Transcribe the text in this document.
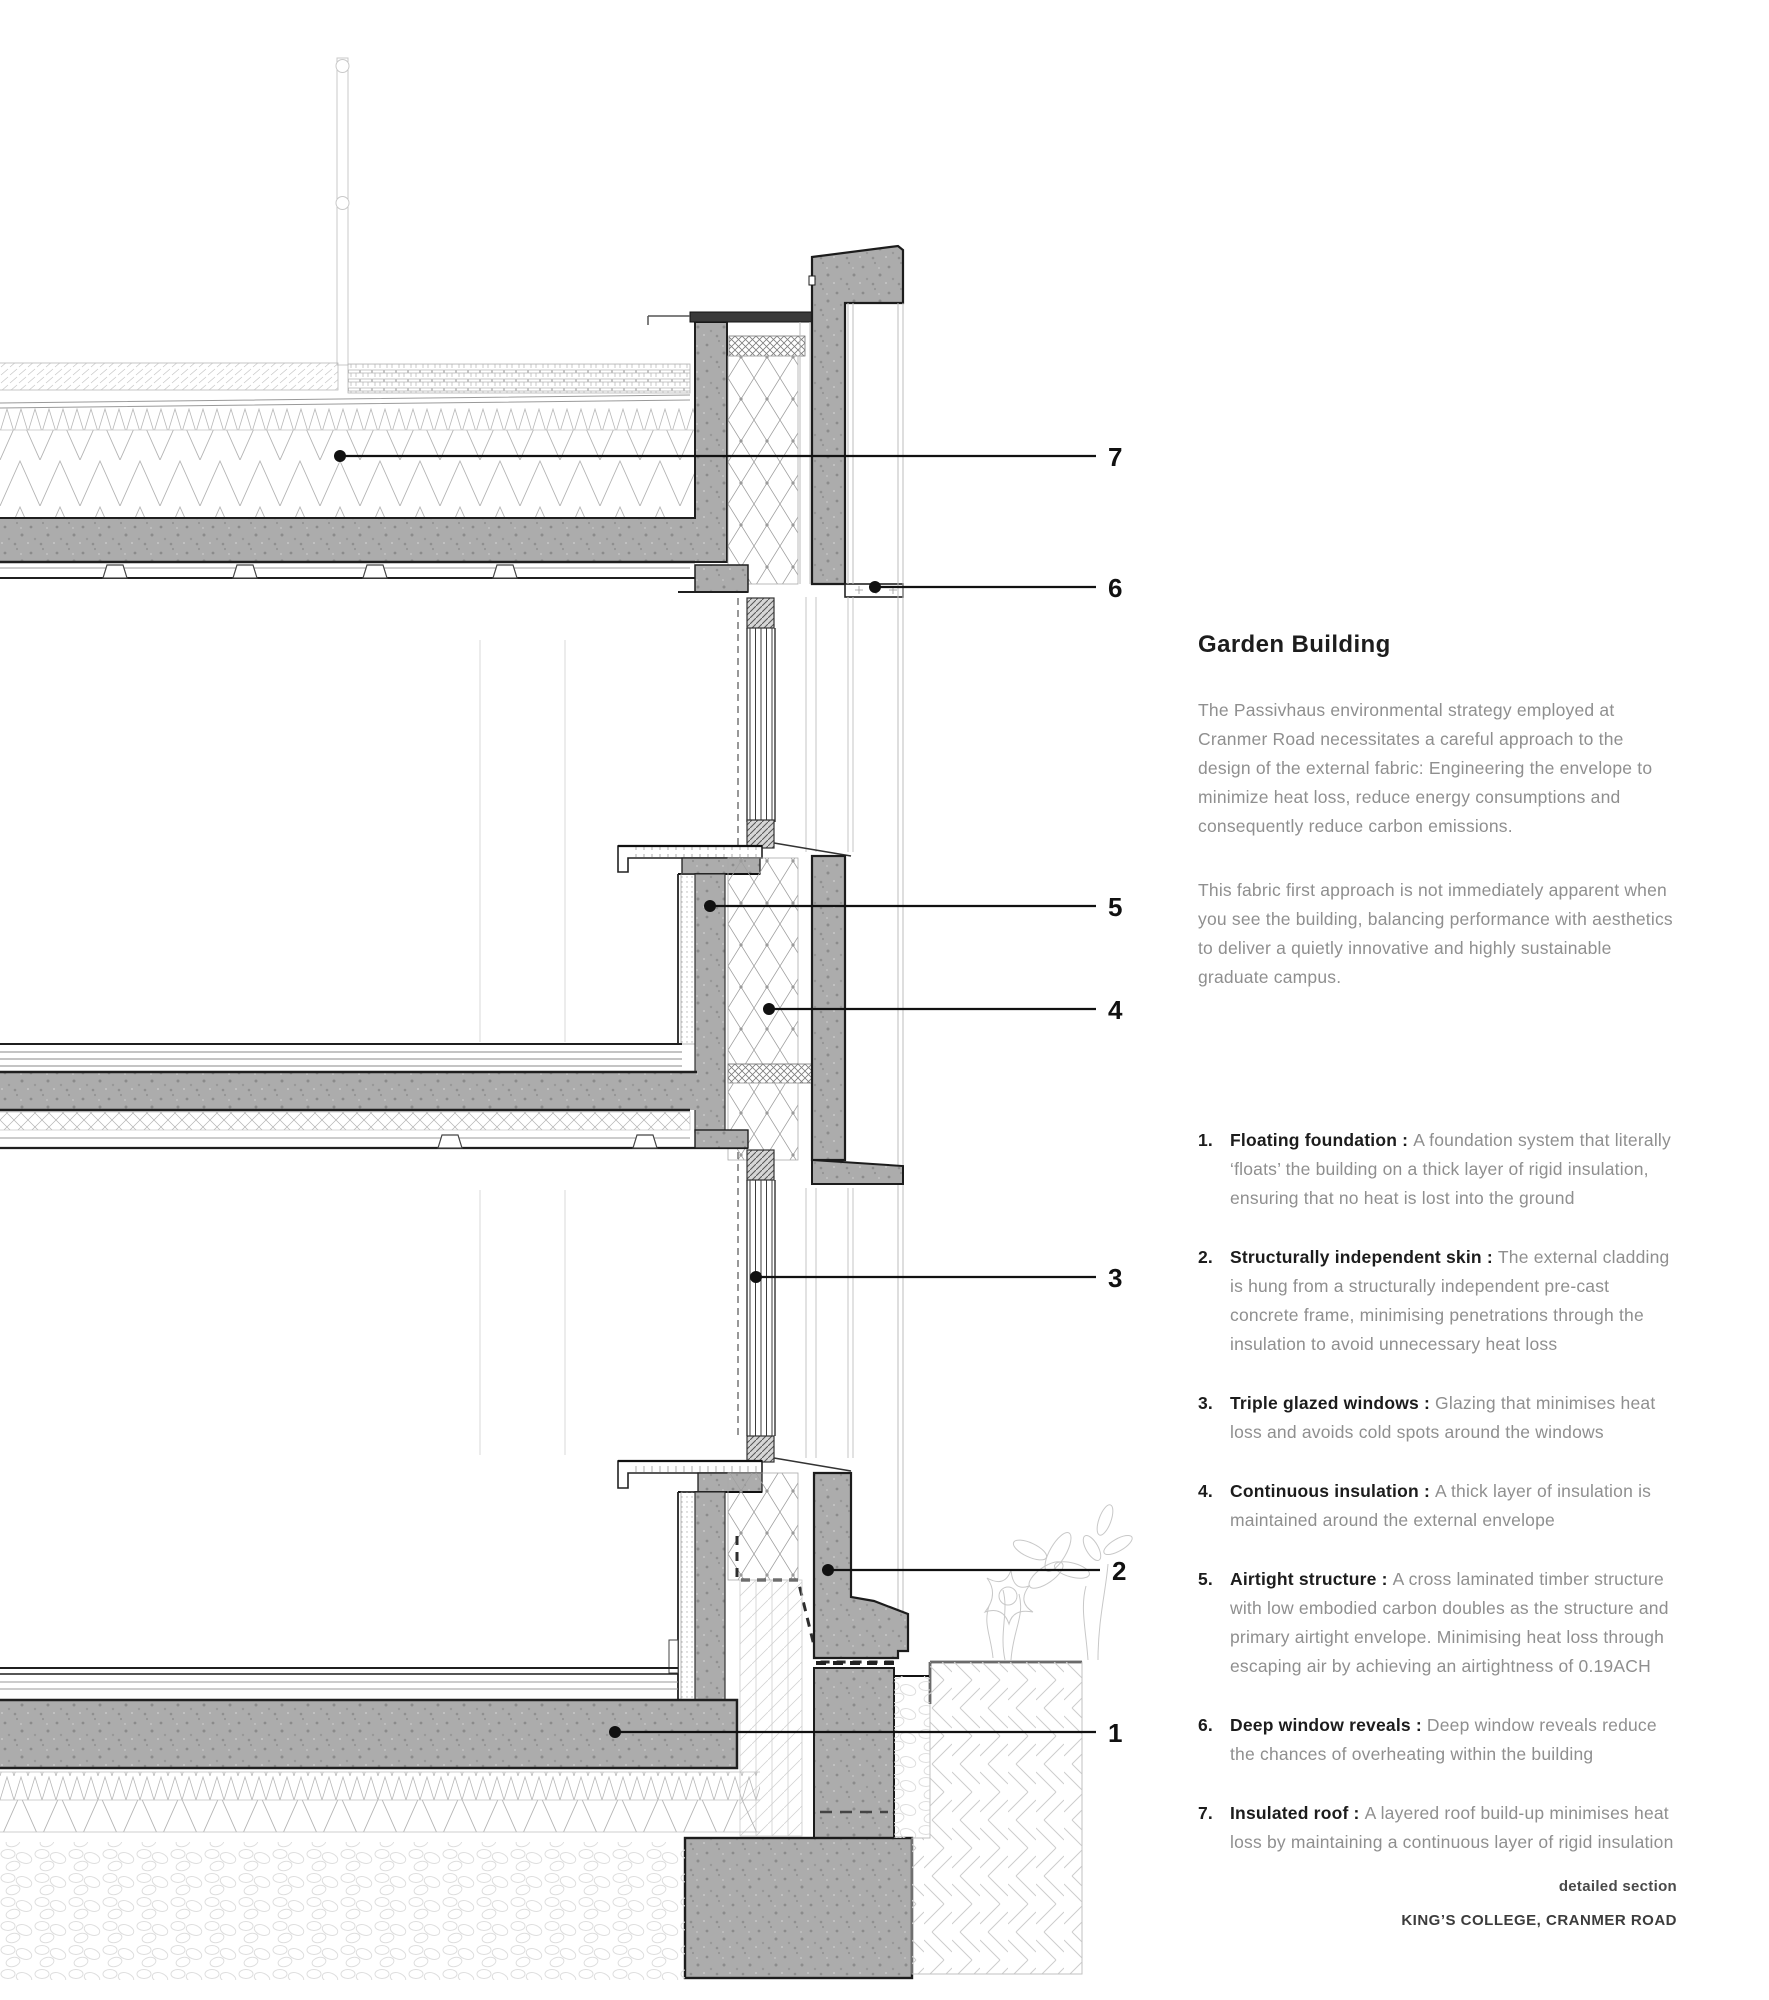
7
6
5
4
3
2
1
Garden Building

The Passivhaus environmental strategy employed at Cranmer Road necessitates a careful approach to the design of the external fabric: Engineering the envelope to minimize heat loss, reduce energy consumptions and consequently reduce carbon emissions.

This fabric first approach is not immediately apparent when you see the building, balancing performance with aesthetics to deliver a quietly innovative and highly sustainable graduate campus.

1. Floating foundation : A foundation system that literally ‘floats’ the building on a thick layer of rigid insulation, ensuring that no heat is lost into the ground
2. Structurally independent skin : The external cladding is hung from a structurally independent pre-cast concrete frame, minimising penetrations through the insulation to avoid unnecessary heat loss
3. Triple glazed windows : Glazing that minimises heat loss and avoids cold spots around the windows
4. Continuous insulation : A thick layer of insulation is maintained around the external envelope
5. Airtight structure : A cross laminated timber structure with low embodied carbon doubles as the structure and primary airtight envelope. Minimising heat loss through escaping air by achieving an airtightness of 0.19ACH
6. Deep window reveals : Deep window reveals reduce the chances of overheating within the building
7. Insulated roof : A layered roof build-up minimises heat loss by maintaining a continuous layer of rigid insulation
detailed section
KING’S COLLEGE, CRANMER ROAD
